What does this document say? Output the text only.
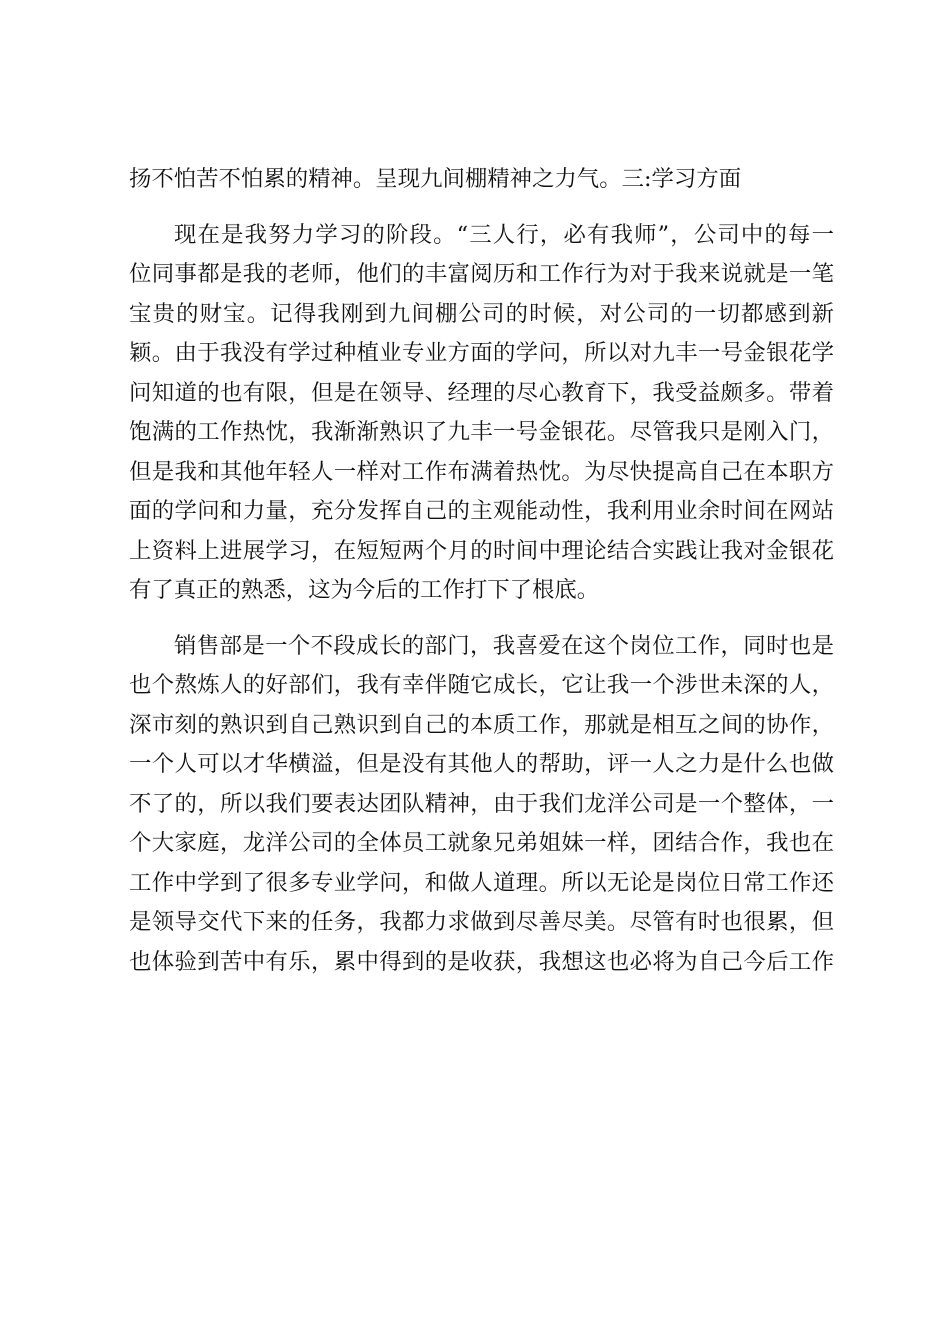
扬不怕苦不怕累的精神。呈现九间棚精神之力气。三:学习方面
现在是我努力学习的阶段。“三人行，必有我师”，公司中的每一
位同事都是我的老师，他们的丰富阅历和工作行为对于我来说就是一笔
宝贵的财宝。记得我刚到九间棚公司的时候，对公司的一切都感到新
颖。由于我没有学过种植业专业方面的学问，所以对九丰一号金银花学
问知道的也有限，但是在领导、经理的尽心教育下，我受益颇多。带着
饱满的工作热忱，我渐渐熟识了九丰一号金银花。尽管我只是刚入门，
但是我和其他年轻人一样对工作布满着热忱。为尽快提高自己在本职方
面的学问和力量，充分发挥自己的主观能动性，我利用业余时间在网站
上资料上进展学习，在短短两个月的时间中理论结合实践让我对金银花
有了真正的熟悉，这为今后的工作打下了根底。
销售部是一个不段成长的部门，我喜爱在这个岗位工作，同时也是
也个熬炼人的好部们，我有幸伴随它成长，它让我一个涉世未深的人，
深市刻的熟识到自己熟识到自己的本质工作，那就是相互之间的协作，
一个人可以才华横溢，但是没有其他人的帮助，评一人之力是什么也做
不了的，所以我们要表达团队精神，由于我们龙洋公司是一个整体，一
个大家庭，龙洋公司的全体员工就象兄弟姐妹一样，团结合作，我也在
工作中学到了很多专业学问，和做人道理。所以无论是岗位日常工作还
是领导交代下来的任务，我都力求做到尽善尽美。尽管有时也很累，但
也体验到苦中有乐，累中得到的是收获，我想这也必将为自己今后工作
